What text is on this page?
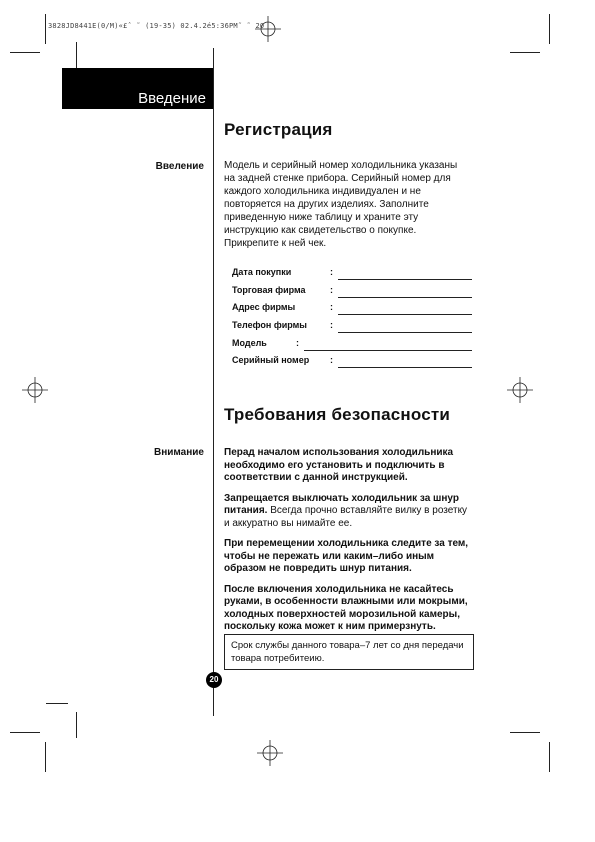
3828JD8441E(0/M)«£ˆ ˜ (19-35) 02.4.2é5:36PM˜ ˜ 20
Введение
Регистрация
Ввеление Модель и серийный номер холодильника указаны на задней стенке прибора. Серийный номер для каждого холодильника индивидуален и не повторяется на других изделиях. Заполните приведенную ниже таблицу и храните эту инструкцию как свидетельство о покупке. Прикрепите к ней чек.
Дата покупки	:
Торговая фирма	:
Адрес фирмы	:
Телефон фирмы	:
Модель	:
Серийный номер :
Требования безопасности
Внимание Перад началом использования холодильника необходимо его установить и подключить в соответствии с данной инструкцией.

Запрещается выключать холодильник за шнур питания. Всегда прочно вставляйте вилку в розетку и аккуратно вы нимайте ее.

При перемещении холодильника следите за тем, чтобы не пережать или каким–либо иным образом не повредить шнур питания.

После включения холодильника не касайтесь руками, в особенности влажными или мокрыми, холодных поверхностей морозильной камеры, поскольку кожа может к ним примерзнуть.

Срок службы данного товара–7 лет со дня передачи товара потребитеию.
20
